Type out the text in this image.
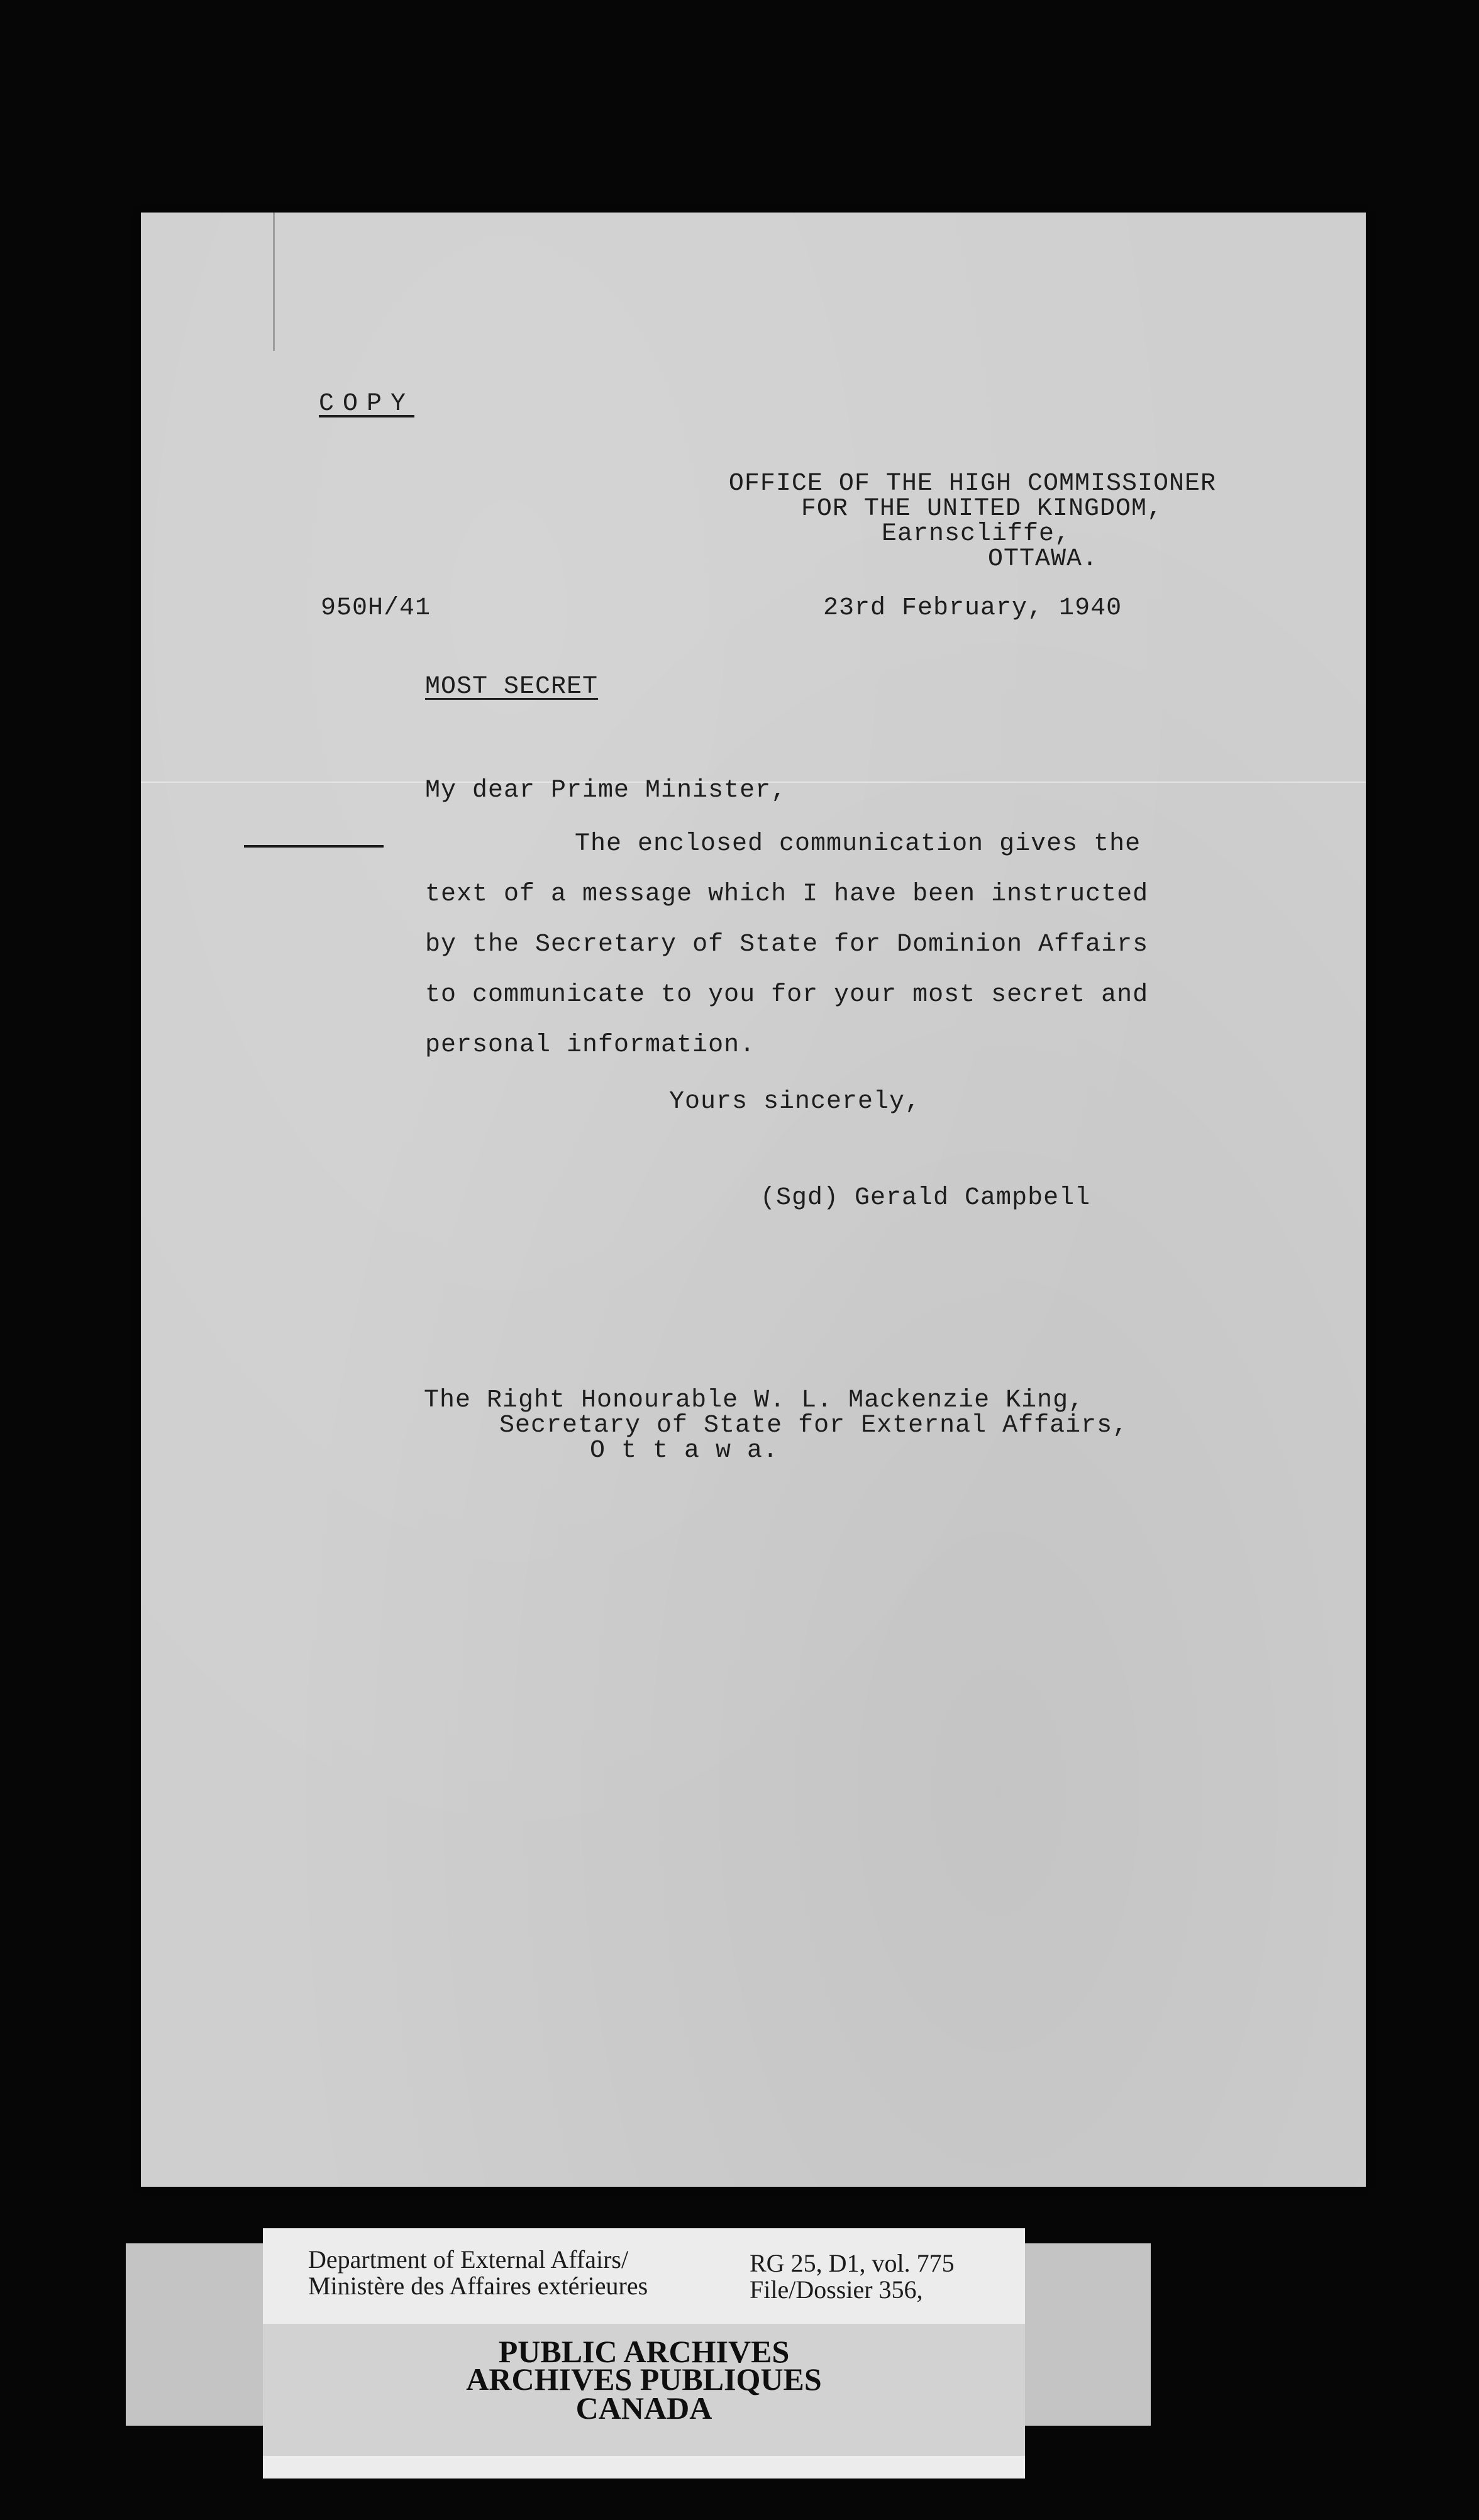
COPY
OFFICE OF THE HIGH COMMISSIONER
FOR THE UNITED KINGDOM,
Earnscliffe,
OTTAWA.
950H/41	23rd February, 1940
MOST SECRET
My dear Prime Minister,
The enclosed communication gives the
text of a message which I have been instructed
by the Secretary of State for Dominion Affairs
to communicate to you for your most secret and
personal information.
Yours sincerely,
(Sgd) Gerald Campbell
The Right Honourable W. L. Mackenzie King,
Secretary of State for External Affairs,
O t t a w a.
Department of External Affairs/
Ministère des Affaires extérieures
RG 25, D1, vol. 775
File/Dossier 356,
PUBLIC ARCHIVES
ARCHIVES PUBLIQUES
CANADA
